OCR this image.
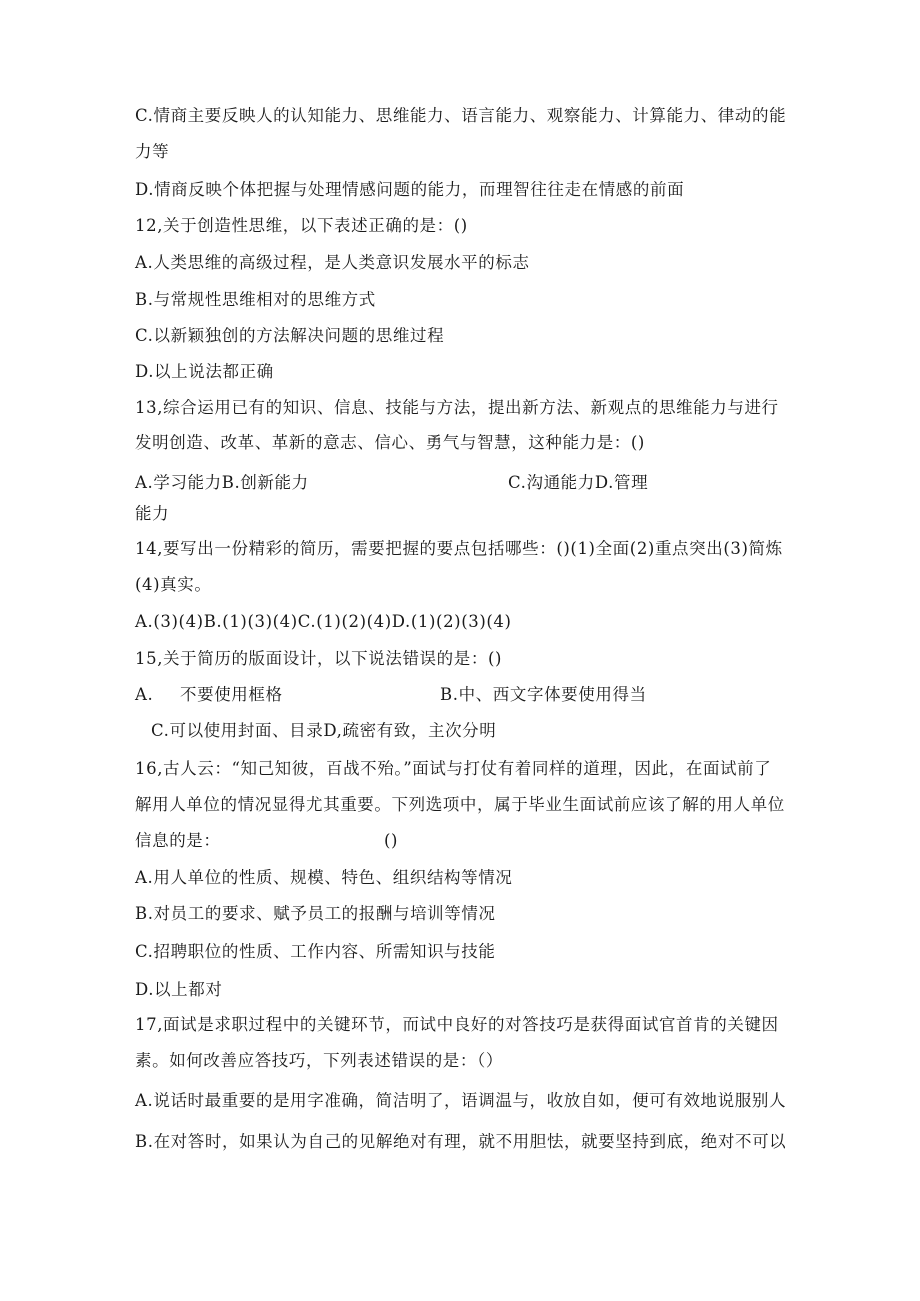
C.情商主要反映人的认知能力、思维能力、语言能力、观察能力、计算能力、律动的能
力等
D.情商反映个体把握与处理情感问题的能力，而理智往往走在情感的前面
12,关于创造性思维，以下表述正确的是：()
A.人类思维的高级过程，是人类意识发展水平的标志
B.与常规性思维相对的思维方式
C.以新颖独创的方法解决问题的思维过程
D.以上说法都正确
13,综合运用已有的知识、信息、技能与方法，提出新方法、新观点的思维能力与进行
发明创造、改革、革新的意志、信心、勇气与智慧，这种能力是：()
A.学习能力B.创新能力	C.沟通能力D.管理
能力
14,要写出一份精彩的简历，需要把握的要点包括哪些：()(1)全面(2)重点突出(3)简炼
(4)真实。
A.(3)(4)B.(1)(3)(4)C.(1)(2)(4)D.(1)(2)(3)(4)
15,关于简历的版面设计，以下说法错误的是：()
A. 不要使用框格	B.中、西文字体要使用得当
C.可以使用封面、目录D,疏密有致，主次分明
16,古人云：“知己知彼，百战不殆。”面试与打仗有着同样的道理，因此，在面试前了
解用人单位的情况显得尤其重要。下列选项中，属于毕业生面试前应该了解的用人单位
信息的是：	()
A.用人单位的性质、规模、特色、组织结构等情况
B.对员工的要求、赋予员工的报酬与培训等情况
C.招聘职位的性质、工作内容、所需知识与技能
D.以上都对
17,面试是求职过程中的关键环节，而试中良好的对答技巧是获得面试官首肯的关键因
素。如何改善应答技巧，下列表述错误的是：（）
A.说话时最重要的是用字准确，简洁明了，语调温与，收放自如，便可有效地说服别人
B.在对答时，如果认为自己的见解绝对有理，就不用胆怯，就要坚持到底，绝对不可以
